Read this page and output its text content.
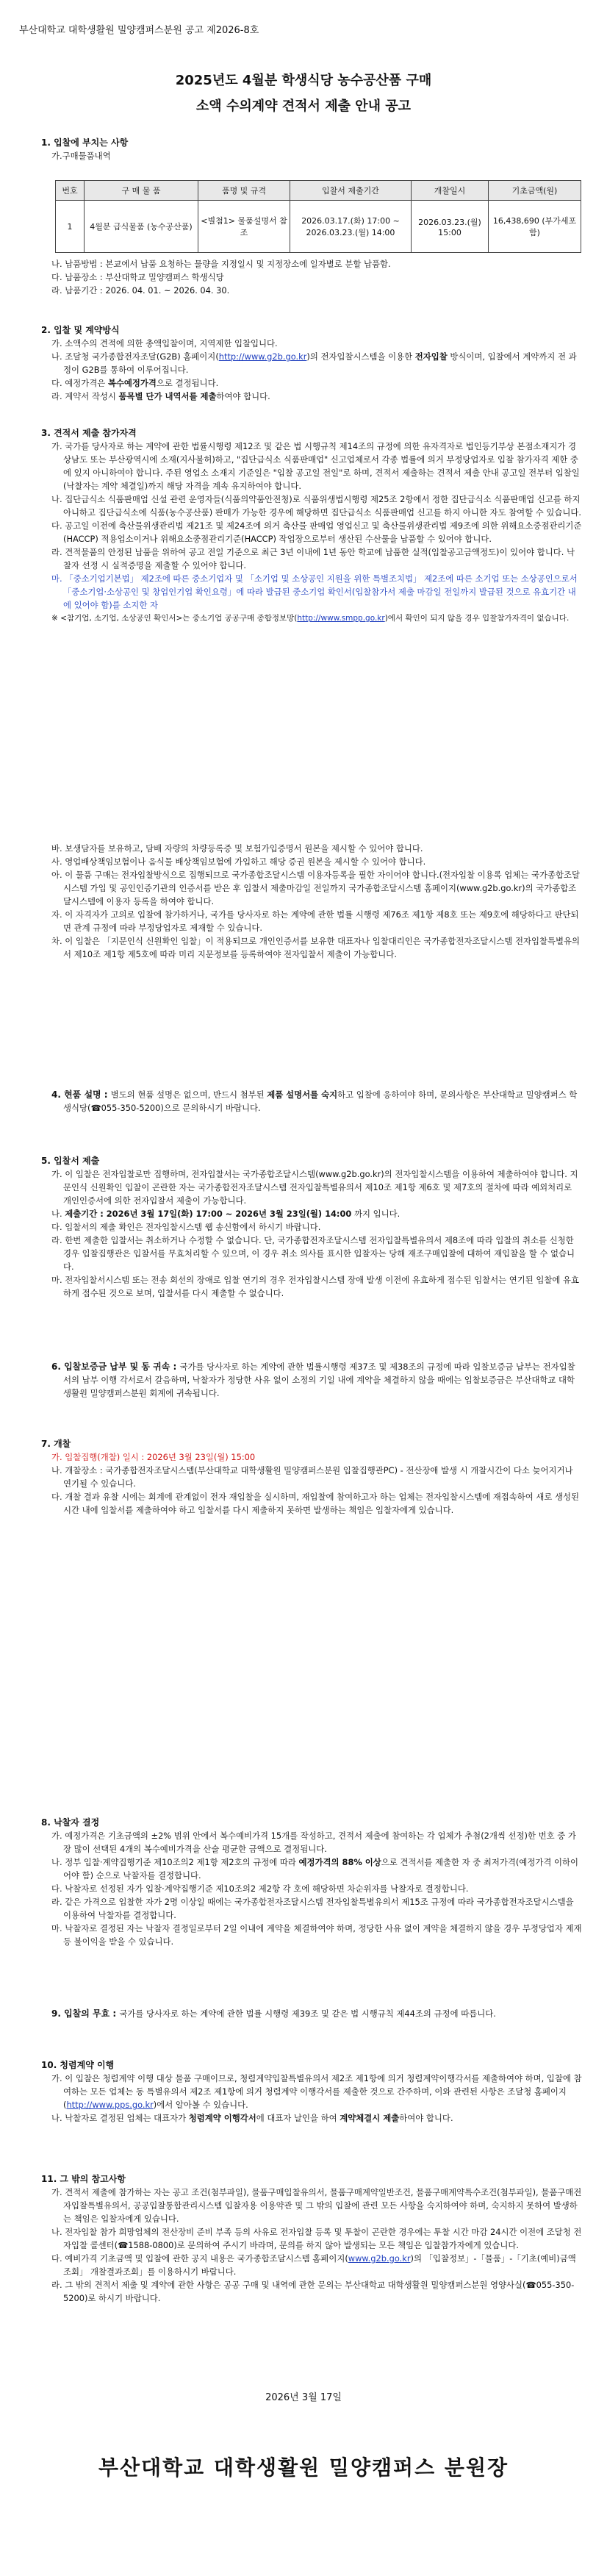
부산대학교 대학생활원 밀양캠퍼스분원 공고 제2026-8호
2025년도 4월분 학생식당 농수공산품 구매
소액 수의계약 견적서 제출 안내 공고

1. 입찰에 부치는 사항

가.구매물품내역

번호	구 매 물 품	품명 및 규격	입찰서 제출기간	개찰일시	기초금액(원)
1	4월분 급식물품 (농수공산품)	<별첨1> 물품설명서 참조	2026.03.17.(화) 17:00 ~ 2026.03.23.(월) 14:00	2026.03.23.(월) 15:00	16,438,690 (부가세포함)

나. 납품방법 : 본교에서 납품 요청하는 물량을 지정일시 및 지정장소에 일자별로 분할 납품함.

다. 납품장소 : 부산대학교 밀양캠퍼스 학생식당

라. 납품기간 : 2026. 04. 01. ~ 2026. 04. 30.

2. 입찰 및 계약방식

가. 소액수의 견적에 의한 총액입찰이며, 지역제한 입찰입니다.

나. 조달청 국가종합전자조달(G2B) 홈페이지(http://www.g2b.go.kr)의 전자입찰시스템을 이용한 전자입찰 방식이며, 입찰에서 계약까지 전 과정이 G2B를 통하여 이루어집니다.

다. 예정가격은 복수예정가격으로 결정됩니다.

라. 계약서 작성시 품목별 단가 내역서를 제출하여야 합니다.

3. 견적서 제출 참가자격

가. 국가를 당사자로 하는 계약에 관한 법률시행령 제12조 및 같은 법 시행규칙 제14조의 규정에 의한 유자격자로 법인등기부상 본점소재지가 경상남도 또는 부산광역시에 소재(지사불허)하고, "집단급식소 식품판매업" 신고업체로서 각종 법률에 의거 부정당업자로 입찰 참가자격 제한 중에 있지 아니하여야 합니다. 주된 영업소 소재지 기준일은 "입찰 공고일 전일"로 하며, 견적서 제출하는 견적서 제출 안내 공고일 전부터 입찰일(낙찰자는 계약 체결일)까지 해당 자격을 계속 유지하여야 합니다.

나. 집단급식소 식품판매업 신설 관련 운영자들(식품의약품안전청)로 식품위생법시행령 제25조 2항에서 정한 집단급식소 식품판매업 신고를 하지 아니하고 집단급식소에 식품(농수공산품) 판매가 가능한 경우에 해당하면 집단급식소 식품판매업 신고를 하지 아니한 자도 참여할 수 있습니다.

다. 공고일 이전에 축산물위생관리법 제21조 및 제24조에 의거 축산물 판매업 영업신고 및 축산물위생관리법 제9조에 의한 위해요소중점관리기준(HACCP) 적용업소이거나 위해요소중점관리기준(HACCP) 작업장으로부터 생산된 수산물을 납품할 수 있어야 합니다.

라. 견적물품의 안정된 납품을 위하여 공고 전일 기준으로 최근 3년 이내에 1년 동안 학교에 납품한 실적(입찰공고금액정도)이 있어야 합니다. 낙찰자 선정 시 실적증명을 제출할 수 있어야 합니다.

마. 「중소기업기본법」 제2조에 따른 중소기업자 및 「소기업 및 소상공인 지원을 위한 특별조치법」 제2조에 따른 소기업 또는 소상공인으로서 「중소기업·소상공인 및 창업인기업 확인요령」에 따라 발급된 중소기업 확인서(입찰참가서 제출 마감일 전일까지 발급된 것으로 유효기간 내에 있어야 함)를 소지한 자

※ <참기업, 소기업, 소상공인 확인서>는 중소기업 공공구매 종합정보망(http://www.smpp.go.kr)에서 확인이 되지 않을 경우 입찰참가자격이 없습니다.

바. 보생담자를 보유하고, 담배 자량의 차량등록증 및 보험가입증명서 원본을 제시할 수 있어야 합니다.

사. 영업배상책임보험이나 음식물 배상책임보험에 가입하고 해당 증권 원본을 제시할 수 있어야 합니다.

아. 이 물품 구매는 전자입찰방식으로 집행되므로 국가종합조달시스템 이용자등록을 필한 자이어야 합니다.(전자입찰 이용록 업체는 국가종합조달시스템 가입 및 공인인증기관의 인증서를 받은 후 입찰서 제출마감일 전일까지 국가종합조달시스템 홈페이지(www.g2b.go.kr)의 국가종합조달시스템에 이용자 등록을 하여야 합니다.

자. 이 자격자가 고의로 입찰에 참가하거나, 국가를 당사자로 하는 계약에 관한 법률 시행령 제76조 제1항 제8호 또는 제9호에 해당하다고 판단되면 관계 규정에 따라 부정당업자로 제재할 수 있습니다.

차. 이 입찰은 「지문인식 신원확인 입찰」이 적용되므로 개인인증서를 보유한 대표자나 입찰대리인은 국가종합전자조달시스템 전자입찰특별유의서 제10조 제1항 제5호에 따라 미리 지문정보를 등록하여야 전자입찰서 제출이 가능합니다.

4. 현품 설명 : 별도의 현품 설명은 없으며, 반드시 첨부된 제품 설명서를 숙지하고 입찰에 응하여야 하며, 문의사항은 부산대학교 밀양캠퍼스 학생식당(☎055-350-5200)으로 문의하시기 바랍니다.

5. 입찰서 제출

가. 이 입찰은 전자입찰로만 집행하며, 전자입찰서는 국가종합조달시스템(www.g2b.go.kr)의 전자입찰시스템을 이용하여 제출하여야 합니다. 지문인식 신원확인 입찰이 곤란한 자는 국가종합전자조달시스템 전자입찰특별유의서 제10조 제1항 제6호 및 제7호의 절차에 따라 예외처리로 개인인증서에 의한 전자입찰서 제출이 가능합니다.

나. 제출기간 : 2026년 3월 17일(화) 17:00 ~ 2026년 3월 23일(월) 14:00 까지 입니다.

다. 입찰서의 제출 확인은 전자입찰시스템 웹 송신함에서 하시기 바랍니다.

라. 한번 제출한 입찰서는 취소하거나 수정할 수 없습니다. 단, 국가종합전자조달시스템 전자입찰특별유의서 제8조에 따라 입찰의 취소를 신청한 경우 입찰집행관은 입찰서를 무효처리할 수 있으며, 이 경우 취소 의사를 표시한 입찰자는 당해 재조구매입찰에 대하여 재입찰을 할 수 없습니다.

마. 전자입찰서시스템 또는 전송 회선의 장애로 입찰 연기의 경우 전자입찰시스템 장애 발생 이전에 유효하게 접수된 입찰서는 연기된 입찰에 유효하게 접수된 것으로 보며, 입찰서를 다시 제출할 수 없습니다.

6. 입찰보증금 납부 및 동 귀속 : 국가를 당사자로 하는 계약에 관한 법률시행령 제37조 및 제38조의 규정에 따라 입찰보증금 납부는 전자입찰서의 납부 이행 각서로서 갈음하며, 낙찰자가 정당한 사유 없이 소정의 기일 내에 계약을 체결하지 않을 때에는 입찰보증금은 부산대학교 대학생활원 밀양캠퍼스분원 회계에 귀속됩니다.

7. 개찰

가. 입찰집행(개찰) 일시 : 2026년 3월 23일(월) 15:00

나. 개찰장소 : 국가종합전자조달시스템(부산대학교 대학생활원 밀양캠퍼스분원 입찰집행관PC) - 전산장애 발생 시 개찰시간이 다소 늦어지거나 연기될 수 있습니다.

다. 개찰 결과 유찰 시에는 회계에 관계없이 전자 재입찰을 실시하며, 재입찰에 참여하고자 하는 업체는 전자입찰시스템에 재접속하여 새로 생성된 시간 내에 입찰서를 제출하여야 하고 입찰서를 다시 제출하지 못하면 발생하는 책임은 입찰자에게 있습니다.

8. 낙찰자 결정

가. 예정가격은 기초금액의 ±2% 범위 안에서 복수예비가격 15개를 작성하고, 견적서 제출에 참여하는 각 업체가 추첨(2개씩 선정)한 번호 중 가장 많이 선택된 4개의 복수예비가격을 산술 평균한 금액으로 결정됩니다.

나. 정부 입찰·계약집행기준 제10조의2 제1항 제2호의 규정에 따라 예정가격의 88% 이상으로 견적서를 제출한 자 중 최저가격(예정가격 이하이어야 함) 순으로 낙찰자를 결정합니다.

다. 낙찰자로 선정된 자가 입찰·계약집행기준 제10조의2 제2항 각 호에 해당하면 차순위자를 낙찰자로 결정합니다.

라. 같은 가격으로 입찰한 자가 2명 이상일 때에는 국가종합전자조달시스템 전자입찰특별유의서 제15조 규정에 따라 국가종합전자조달시스템을 이용하여 낙찰자를 결정합니다.

마. 낙찰자로 결정된 자는 낙찰자 결정일로부터 2일 이내에 계약을 체결하여야 하며, 정당한 사유 없이 계약을 체결하지 않을 경우 부정당업자 제재 등 불이익을 받을 수 있습니다.

9. 입찰의 무효 : 국가를 당사자로 하는 계약에 관한 법률 시행령 제39조 및 같은 법 시행규칙 제44조의 규정에 따릅니다.

10. 청렴계약 이행

가. 이 입찰은 청렴계약 이행 대상 물품 구매이므로, 청렴계약입찰특별유의서 제2조 제1항에 의거 청렴계약이행각서를 제출하여야 하며, 입찰에 참여하는 모든 업체는 동 특별유의서 제2조 제1항에 의거 청렴계약 이행각서를 제출한 것으로 간주하며, 이와 관련된 사항은 조달청 홈페이지(http://www.pps.go.kr)에서 알아볼 수 있습니다.

나. 낙찰자로 결정된 업체는 대표자가 청렴계약 이행각서에 대표자 날인을 하여 계약체결시 제출하여야 합니다.

11. 그 밖의 참고사항

가. 견적서 제출에 참가하는 자는 공고 조건(첨부파일), 물품구매입찰유의서, 물품구매계약일반조건, 물품구매계약특수조건(첨부파일), 물품구매전자입찰특별유의서, 공공입찰통합관리시스템 입찰자용 이용약관 및 그 밖의 입찰에 관련 모든 사항을 숙지하여야 하며, 숙지하지 못하여 발생하는 책임은 입찰자에게 있습니다.

나. 전자입찰 참가 희망업체의 전산장비 준비 부족 등의 사유로 전자입찰 등록 및 투찰이 곤란한 경우에는 투찰 시간 마감 24시간 이전에 조달청 전자입찰 콜센터(☎1588-0800)로 문의하여 주시기 바라며, 문의를 하지 않아 발생되는 모든 책임은 입찰참가자에게 있습니다.

다. 예비가격 기초금액 및 입찰에 관한 공지 내용은 국가종합조달시스템 홈페이지(www.g2b.go.kr)의 「입찰정보」-「물품」-「기초(예비)금액조회」 개찰결과조회」를 이용하시기 바랍니다.

라. 그 밖의 견적서 제출 및 계약에 관한 사항은 공공 구매 및 내역에 관한 문의는 부산대학교 대학생활원 밀양캠퍼스분원 영양사실(☎055-350-5200)로 하시기 바랍니다.

2026년 3월 17일
부산대학교 대학생활원 밀양캠퍼스 분원장
